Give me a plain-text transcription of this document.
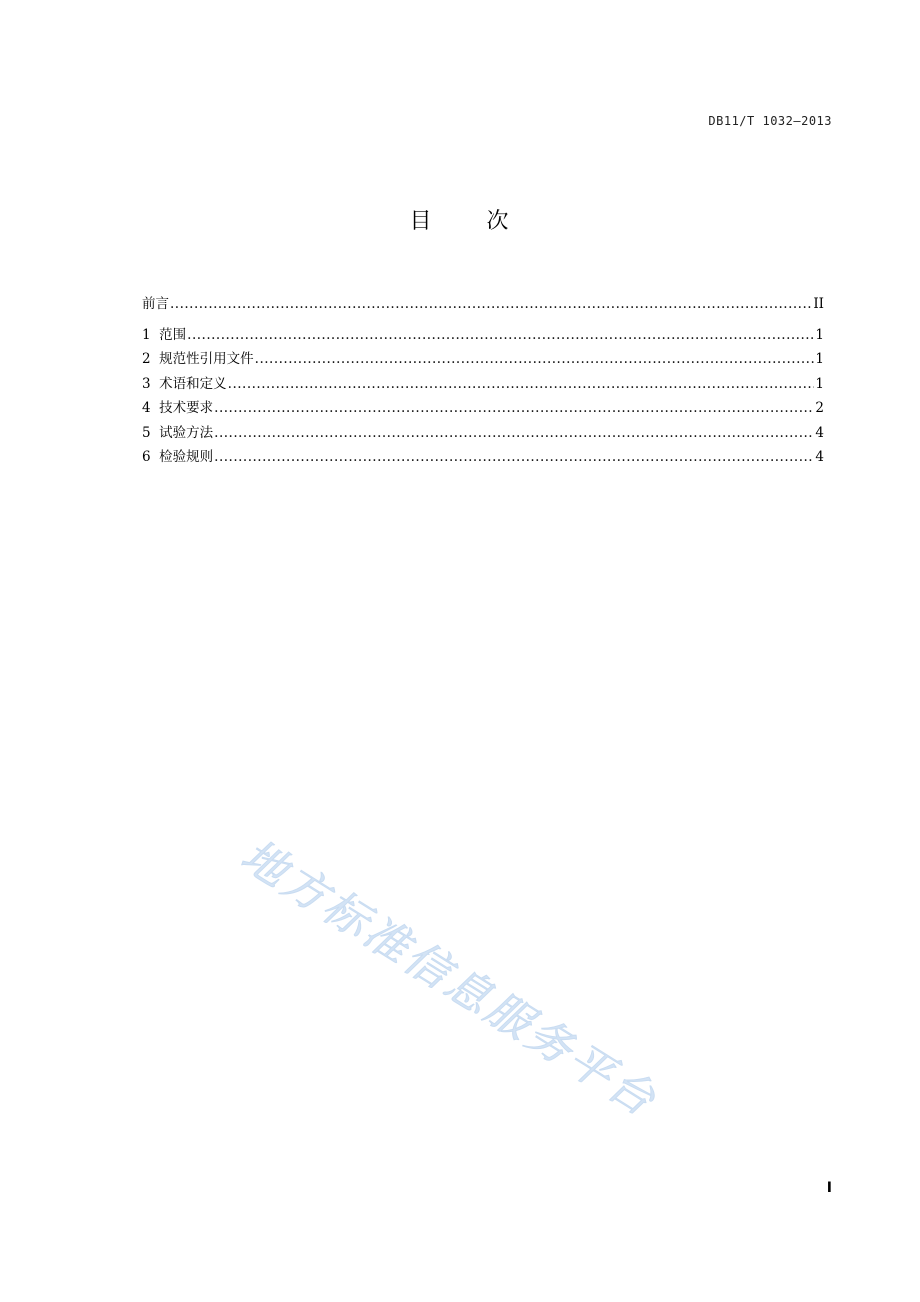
DB11/T 1032—2013
目 次
前言 .....	II
1 范围 .....	1
2 规范性引用文件 .....	1
3 术语和定义 .....	1
4 技术要求 .....	2
5 试验方法 .....	4
6 检验规则 .....	4
地方标准信息服务平台
I
